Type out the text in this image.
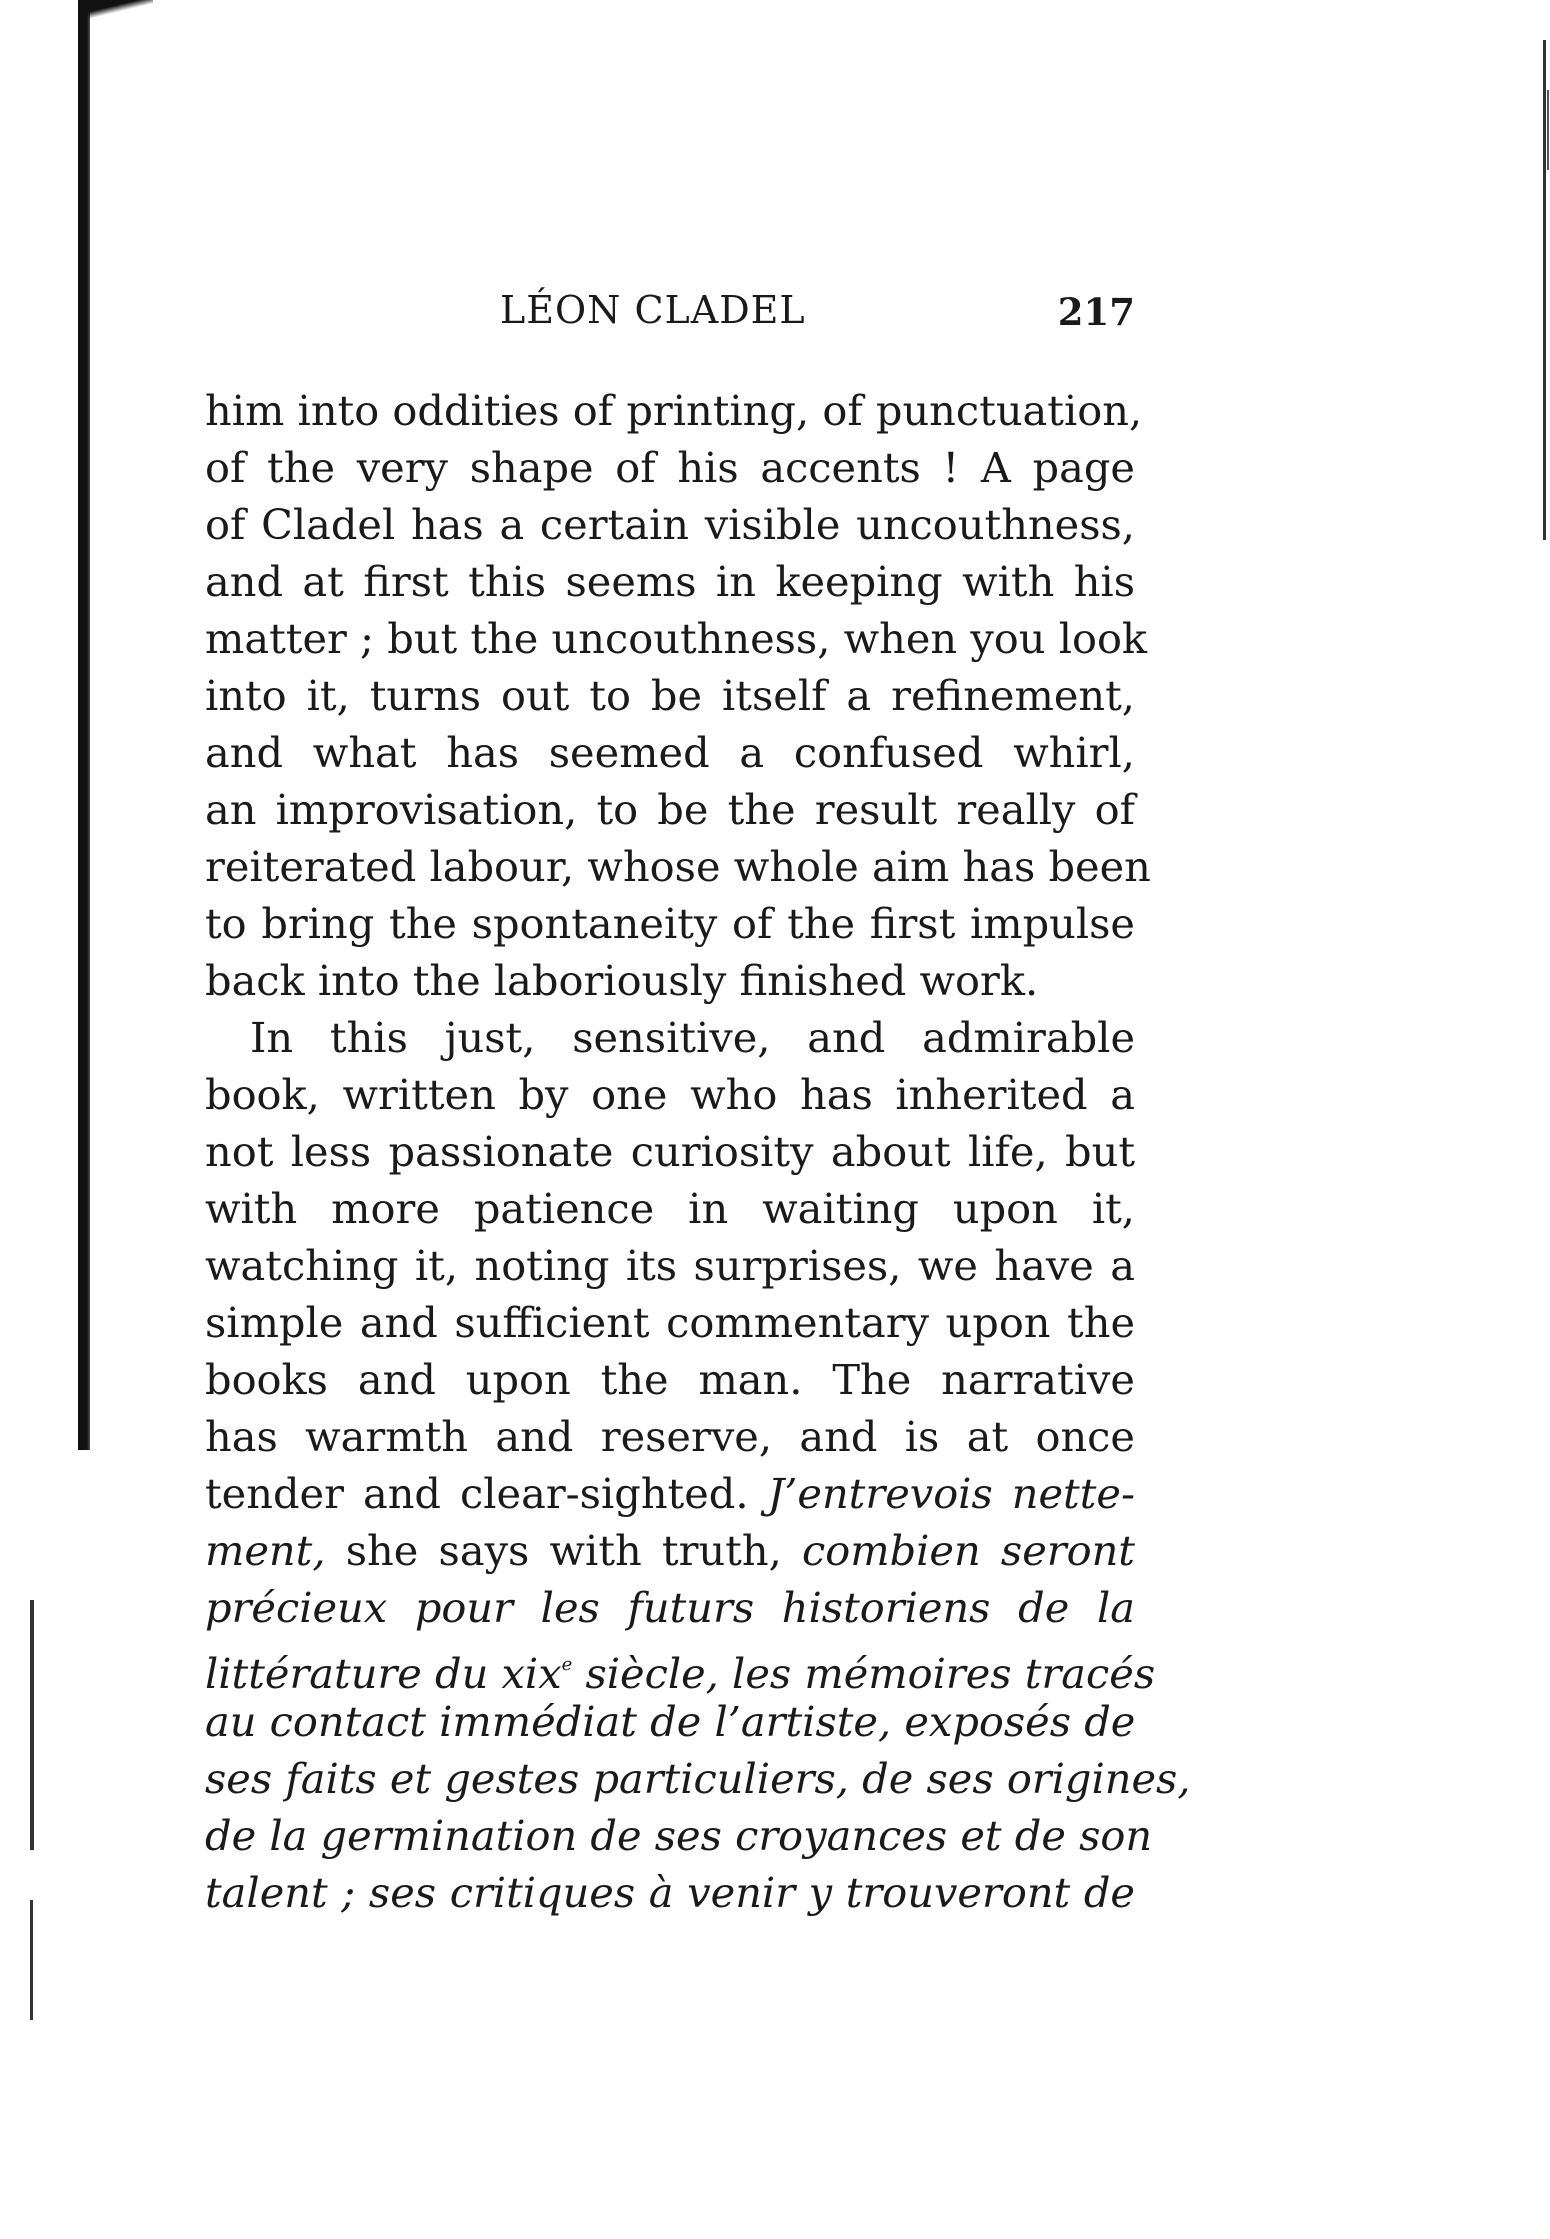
LÉON CLADEL	217
him into oddities of printing, of punctuation,
of the very shape of his accents ! A page
of Cladel has a certain visible uncouthness,
and at first this seems in keeping with his
matter ; but the uncouthness, when you look
into it, turns out to be itself a refinement,
and what has seemed a confused whirl,
an improvisation, to be the result really of
reiterated labour, whose whole aim has been
to bring the spontaneity of the first impulse
back into the laboriously finished work.
In this just, sensitive, and admirable
book, written by one who has inherited a
not less passionate curiosity about life, but
with more patience in waiting upon it,
watching it, noting its surprises, we have a
simple and sufficient commentary upon the
books and upon the man. The narrative
has warmth and reserve, and is at once
tender and clear-sighted. J’entrevois nette-
ment, she says with truth, combien seront
précieux pour les futurs historiens de la
littérature du xix$^e$ siècle, les mémoires tracés
au contact immédiat de l’artiste, exposés de
ses faits et gestes particuliers, de ses origines,
de la germination de ses croyances et de son
talent ; ses critiques à venir y trouveront de
